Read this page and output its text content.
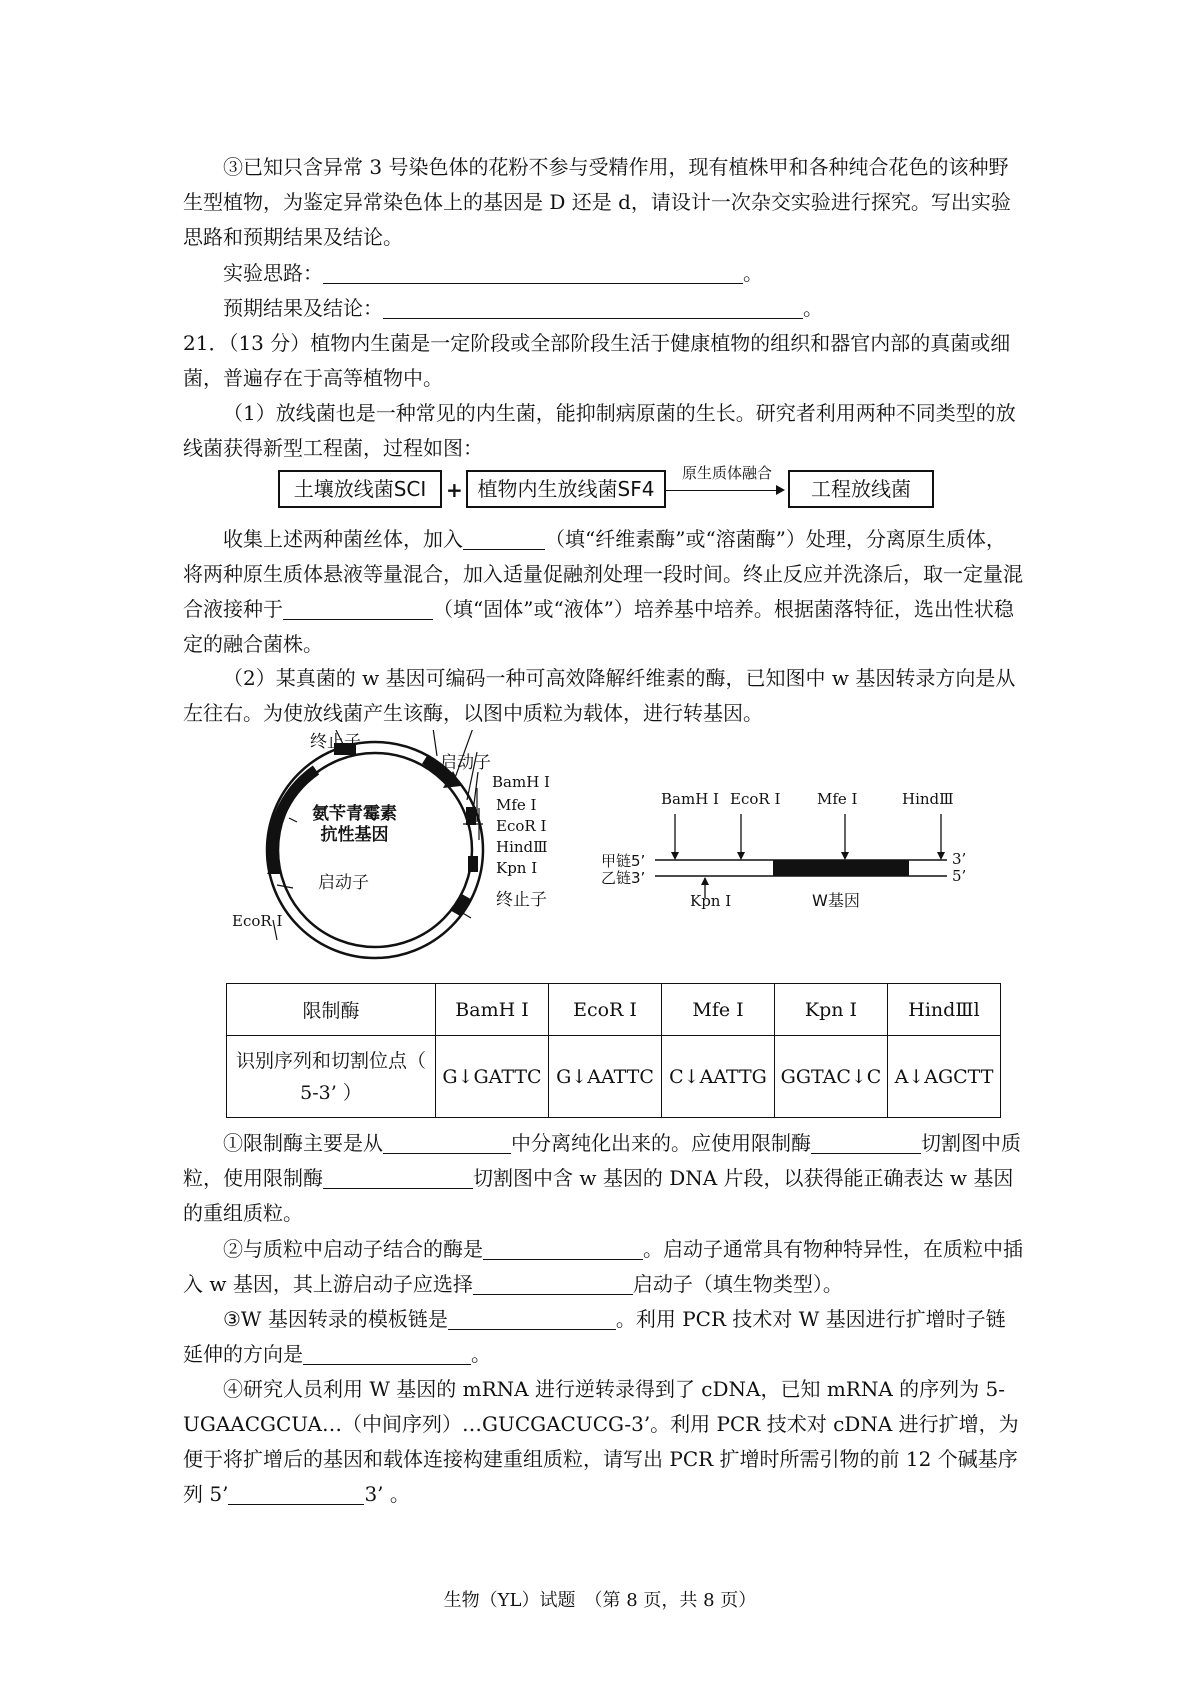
③已知只含异常 3 号染色体的花粉不参与受精作用，现有植株甲和各种纯合花色的该种野生型植物，为鉴定异常染色体上的基因是 D 还是 d，请设计一次杂交实验进行探究。写出实验思路和预期结果及结论。
实验思路：	。
预期结果及结论：	。
21．（13 分）植物内生菌是一定阶段或全部阶段生活于健康植物的组织和器官内部的真菌或细菌，普遍存在于高等植物中。
（1）放线菌也是一种常见的内生菌，能抑制病原菌的生长。研究者利用两种不同类型的放线菌获得新型工程菌，过程如图：
土壤放线菌SCI + 植物内生放线菌SF4
原生质体融合
工程放线菌
收集上述两种菌丝体，加入	（填“纤维素酶”或“溶菌酶”）处理，分离原生质体，将两种原生质体悬液等量混合，加入适量促融剂处理一段时间。终止反应并洗涤后，取一定量混合液接种于	（填“固体”或“液体”）培养基中培养。根据菌落特征，选出性状稳定的融合菌株。
（2）某真菌的 w 基因可编码一种可高效降解纤维素的酶，已知图中 w 基因转录方向是从左往右。为使放线菌产生该酶，以图中质粒为载体，进行转基因。
终止子
启动子
BamH I
Mfe I
EcoR I
HindⅢ
Kpn I
终止子
氨苄青霉素
抗性基因
启动子
EcoR I
BamH I EcoR I Mfe I	HindⅢ
甲链5’
乙链3’
3’
5’
Kpn I	W基因
限制酶	BamH I	EcoR I	Mfe I	Kpn I	HindⅢl
识别序列和切割位点（ 5-3’ ）	G↓GATTC	G↓AATTC	C↓AATTG	GGTAC↓C	A↓AGCTT
①限制酶主要是从	中分离纯化出来的。应使用限制酶	切割图中质粒，使用限制酶	切割图中含 w 基因的 DNA 片段，以获得能正确表达 w 基因的重组质粒。
②与质粒中启动子结合的酶是	。启动子通常具有物种特异性，在质粒中插入 w 基因，其上游启动子应选择	启动子（填生物类型）。
③W 基因转录的模板链是	。利用 PCR 技术对 W 基因进行扩增时子链延伸的方向是	。
④研究人员利用 W 基因的 mRNA 进行逆转录得到了 cDNA，已知 mRNA 的序列为 5-UGAACGCUA…（中间序列）…GUCGACUCG-3’。利用 PCR 技术对 cDNA 进行扩增，为便于将扩增后的基因和载体连接构建重组质粒，请写出 PCR 扩增时所需引物的前 12 个碱基序列 5’	3’ 。
生物（YL）试题　（第 8 页，共 8 页）
